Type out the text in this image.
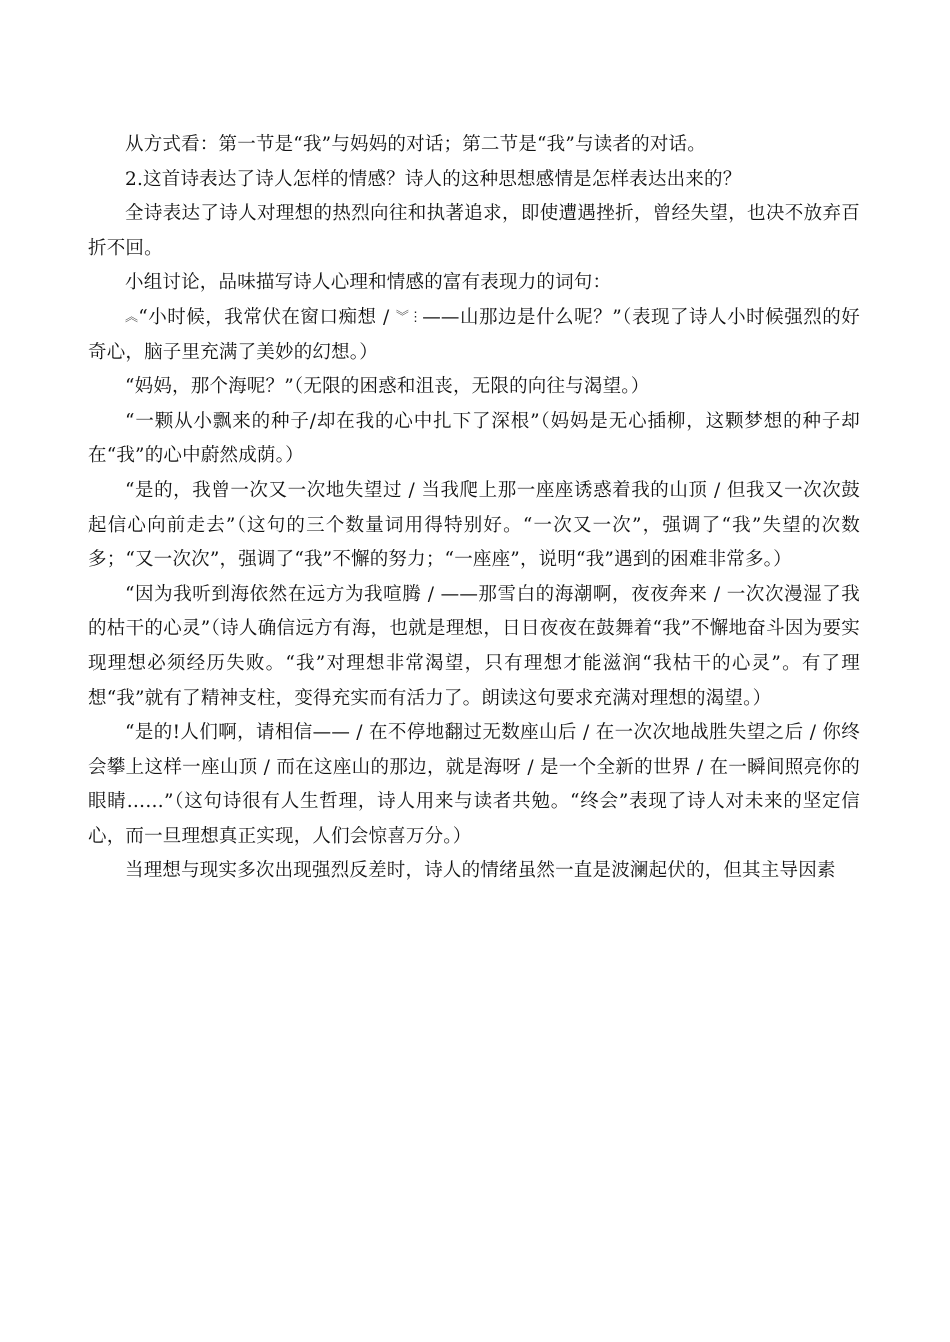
从方式看：第一节是“我”与妈妈的对话；第二节是“我”与读者的对话。

2.这首诗表达了诗人怎样的情感？诗人的这种思想感情是怎样表达出来的？

全诗表达了诗人对理想的热烈向往和执著追求，即使遭遇挫折，曾经失望，也决不放弃百折不回。

小组讨论，品味描写诗人心理和情感的富有表现力的词句：

︽“小时候，我常伏在窗口痴想 / ︾⋮——山那边是什么呢？”（表现了诗人小时候强烈的好奇心，脑子里充满了美妙的幻想。）

“妈妈，那个海呢？”（无限的困惑和沮丧，无限的向往与渴望。）

“一颗从小飘来的种子/却在我的心中扎下了深根”（妈妈是无心插柳，这颗梦想的种子却在“我”的心中蔚然成荫。）

“是的，我曾一次又一次地失望过 / 当我爬上那一座座诱惑着我的山顶 / 但我又一次次鼓起信心向前走去”（这句的三个数量词用得特别好。“一次又一次”，强调了“我”失望的次数多；“又一次次”，强调了“我”不懈的努力；“一座座”，说明“我”遇到的困难非常多。）

“因为我听到海依然在远方为我喧腾 / ——那雪白的海潮啊，夜夜奔来 / 一次次漫湿了我的枯干的心灵”（诗人确信远方有海，也就是理想，日日夜夜在鼓舞着“我”不懈地奋斗因为要实现理想必须经历失败。“我”对理想非常渴望，只有理想才能滋润“我枯干的心灵”。有了理想“我”就有了精神支柱，变得充实而有活力了。朗读这句要求充满对理想的渴望。）

“是的!人们啊，请相信—— / 在不停地翻过无数座山后 / 在一次次地战胜失望之后 / 你终会攀上这样一座山顶 / 而在这座山的那边，就是海呀 / 是一个全新的世界 / 在一瞬间照亮你的眼睛……”（这句诗很有人生哲理，诗人用来与读者共勉。“终会”表现了诗人对未来的坚定信心，而一旦理想真正实现，人们会惊喜万分。）

当理想与现实多次出现强烈反差时，诗人的情绪虽然一直是波澜起伏的，但其主导因素
